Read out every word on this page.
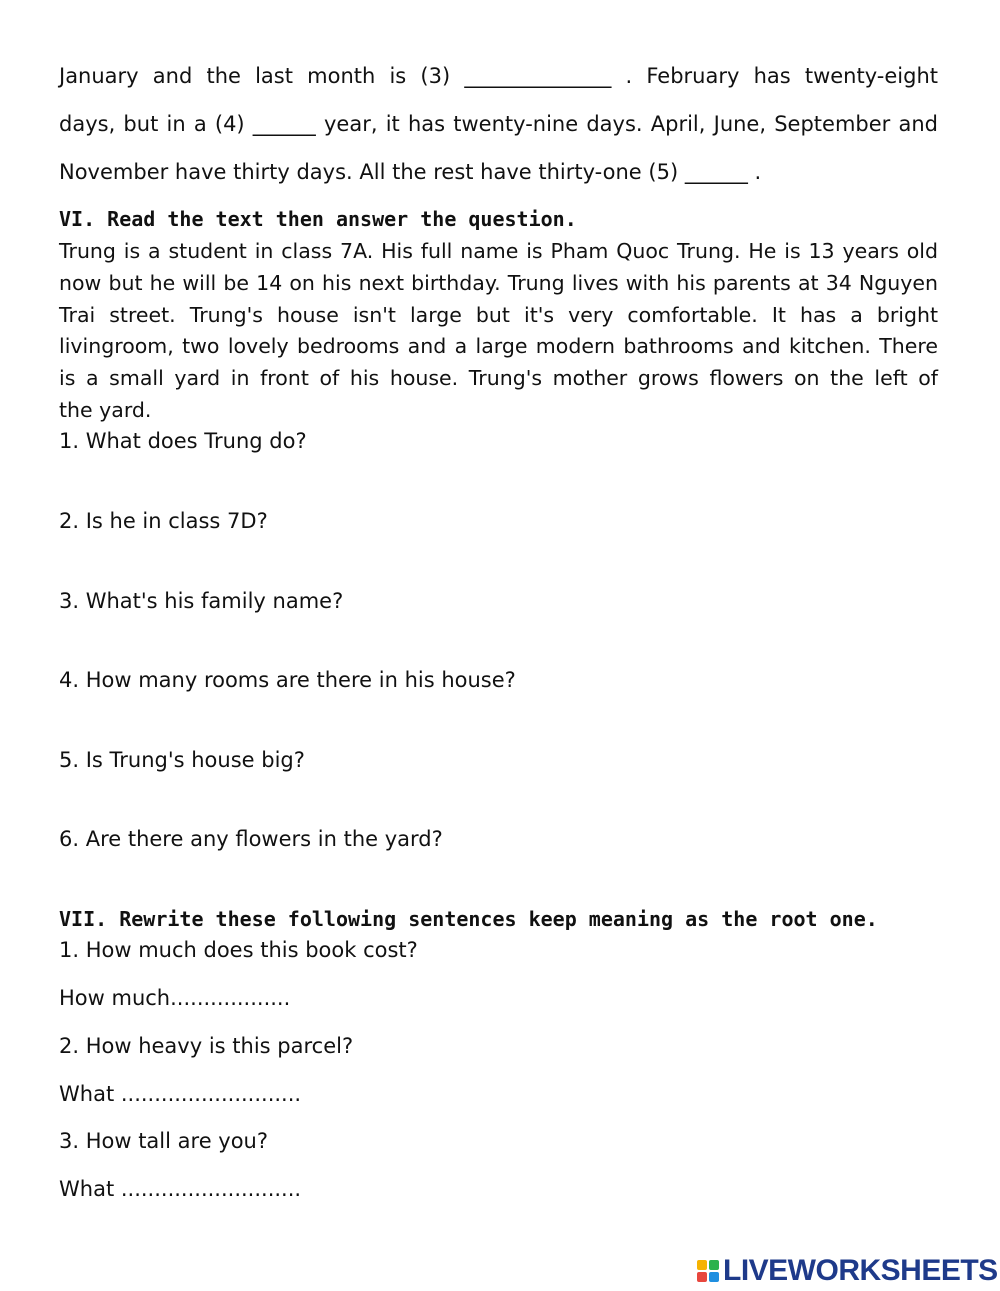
January and the last month is (3) ______________ . February has twenty-eight
days, but in a (4) ______ year, it has twenty-nine days. April, June, September and
November have thirty days. All the rest have thirty-one (5) ______ .
VI. Read the text then answer the question.
Trung is a student in class 7A. His full name is Pham Quoc Trung. He is 13 years old
now but he will be 14 on his next birthday. Trung lives with his parents at 34 Nguyen
Trai street. Trung's house isn't large but it's very comfortable. It has a bright
livingroom, two lovely bedrooms and a large modern bathrooms and kitchen. There
is a small yard in front of his house. Trung's mother grows flowers on the left of
the yard.
1. What does Trung do?
2. Is he in class 7D?
3. What's his family name?
4. How many rooms are there in his house?
5. Is Trung's house big?
6. Are there any flowers in the yard?
VII. Rewrite these following sentences keep meaning as the root one.
1. How much does this book cost?
How much..................
2. How heavy is this parcel?
What ...........................
3. How tall are you?
What ...........................
LIVEWORKSHEETS
